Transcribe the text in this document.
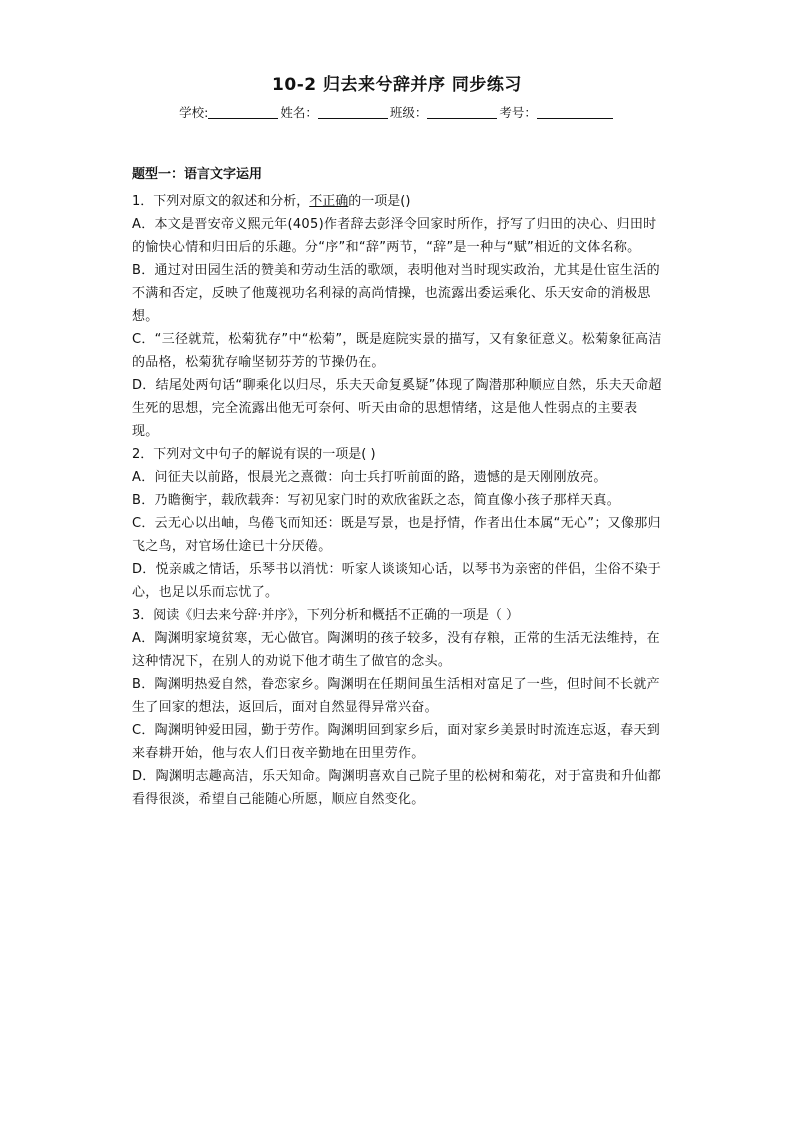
10-2 归去来兮辞并序 同步练习
学校:	姓名：	班级：	考号：
题型一：语言文字运用

1．下列对原文的叙述和分析，不正确的一项是()

A．本文是晋安帝义熙元年(405)作者辞去彭泽令回家时所作，抒写了归田的决心、归田时的愉快心情和归田后的乐趣。分“序”和“辞”两节，“辞”是一种与“赋”相近的文体名称。

B．通过对田园生活的赞美和劳动生活的歌颂，表明他对当时现实政治，尤其是仕宦生活的不满和否定，反映了他蔑视功名利禄的高尚情操，也流露出委运乘化、乐天安命的消极思想。

C．“三径就荒，松菊犹存”中“松菊”，既是庭院实景的描写，又有象征意义。松菊象征高洁的品格，松菊犹存喻坚韧芬芳的节操仍在。

D．结尾处两句话“聊乘化以归尽，乐夫天命复奚疑”体现了陶潜那种顺应自然，乐夫天命超生死的思想，完全流露出他无可奈何、听天由命的思想情绪，这是他人性弱点的主要表现。

2．下列对文中句子的解说有误的一项是( )

A．问征夫以前路，恨晨光之熹微：向士兵打听前面的路，遗憾的是天刚刚放亮。

B．乃瞻衡宇，载欣载奔：写初见家门时的欢欣雀跃之态，简直像小孩子那样天真。

C．云无心以出岫，鸟倦飞而知还：既是写景，也是抒情，作者出仕本属“无心”；又像那归飞之鸟，对官场仕途已十分厌倦。

D．悦亲戚之情话，乐琴书以消忧：听家人谈谈知心话，以琴书为亲密的伴侣，尘俗不染于心，也足以乐而忘忧了。

3．阅读《归去来兮辞·并序》，下列分析和概括不正确的一项是（ ）

A．陶渊明家境贫寒，无心做官。陶渊明的孩子较多，没有存粮，正常的生活无法维持，在这种情况下，在别人的劝说下他才萌生了做官的念头。

B．陶渊明热爱自然，眷恋家乡。陶渊明在任期间虽生活相对富足了一些，但时间不长就产生了回家的想法，返回后，面对自然显得异常兴奋。

C．陶渊明钟爱田园，勤于劳作。陶渊明回到家乡后，面对家乡美景时时流连忘返，春天到来春耕开始，他与农人们日夜辛勤地在田里劳作。

D．陶渊明志趣高洁，乐天知命。陶渊明喜欢自己院子里的松树和菊花，对于富贵和升仙都看得很淡，希望自己能随心所愿，顺应自然变化。
